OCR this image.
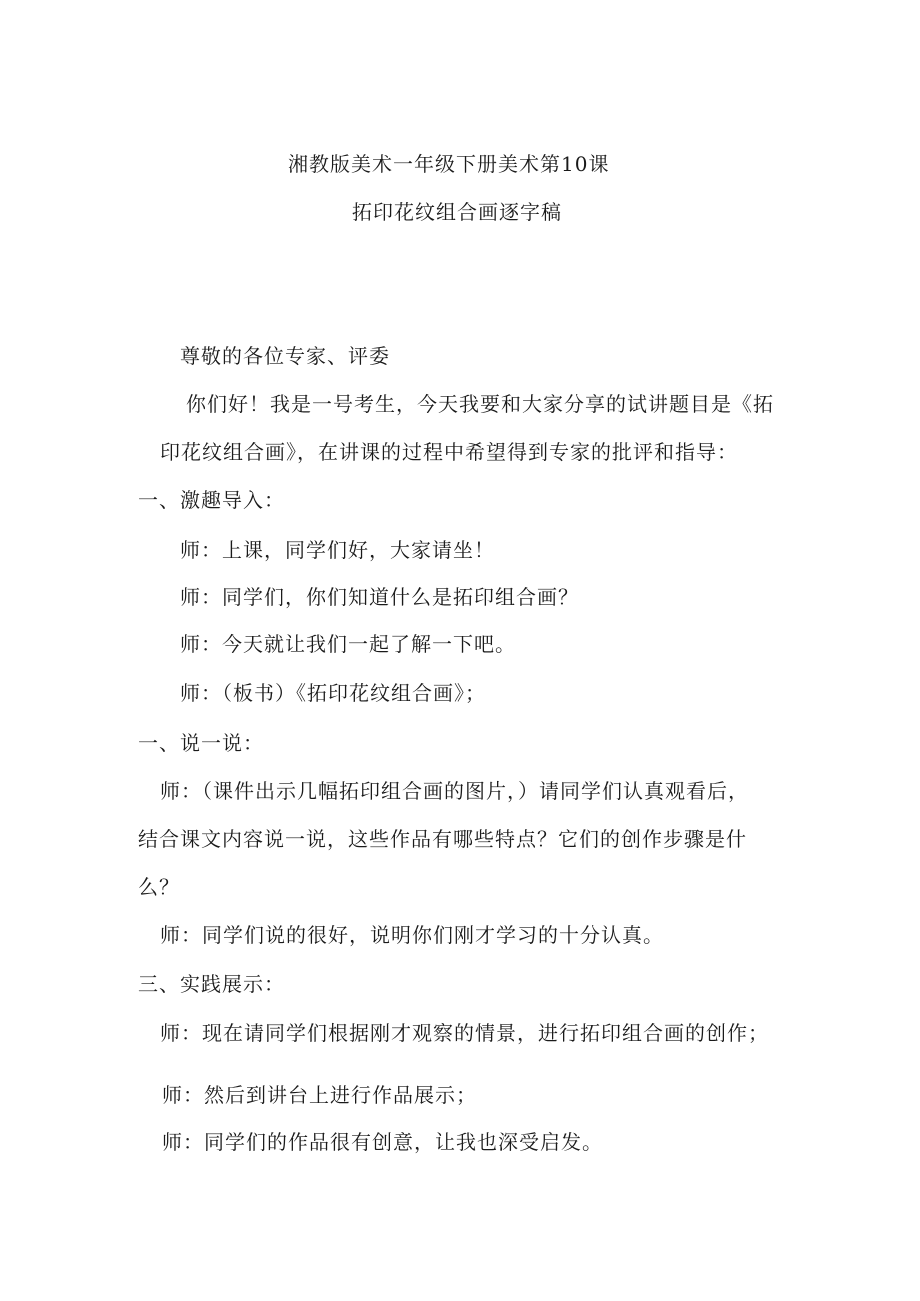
湘教版美术一年级下册美术第10课
拓印花纹组合画逐字稿
尊敬的各位专家、评委
你们好！我是一号考生，今天我要和大家分享的试讲题目是《拓
印花纹组合画》，在讲课的过程中希望得到专家的批评和指导：
一、激趣导入：
师：上课，同学们好，大家请坐！
师：同学们，你们知道什么是拓印组合画？
师：今天就让我们一起了解一下吧。
师：（板书）《拓印花纹组合画》；
一、说一说：
师：（课件出示几幅拓印组合画的图片，）请同学们认真观看后，
结合课文内容说一说，这些作品有哪些特点？它们的创作步骤是什
么？
师：同学们说的很好，说明你们刚才学习的十分认真。
三、实践展示：
师：现在请同学们根据刚才观察的情景，进行拓印组合画的创作；
师：然后到讲台上进行作品展示；
师：同学们的作品很有创意，让我也深受启发。
